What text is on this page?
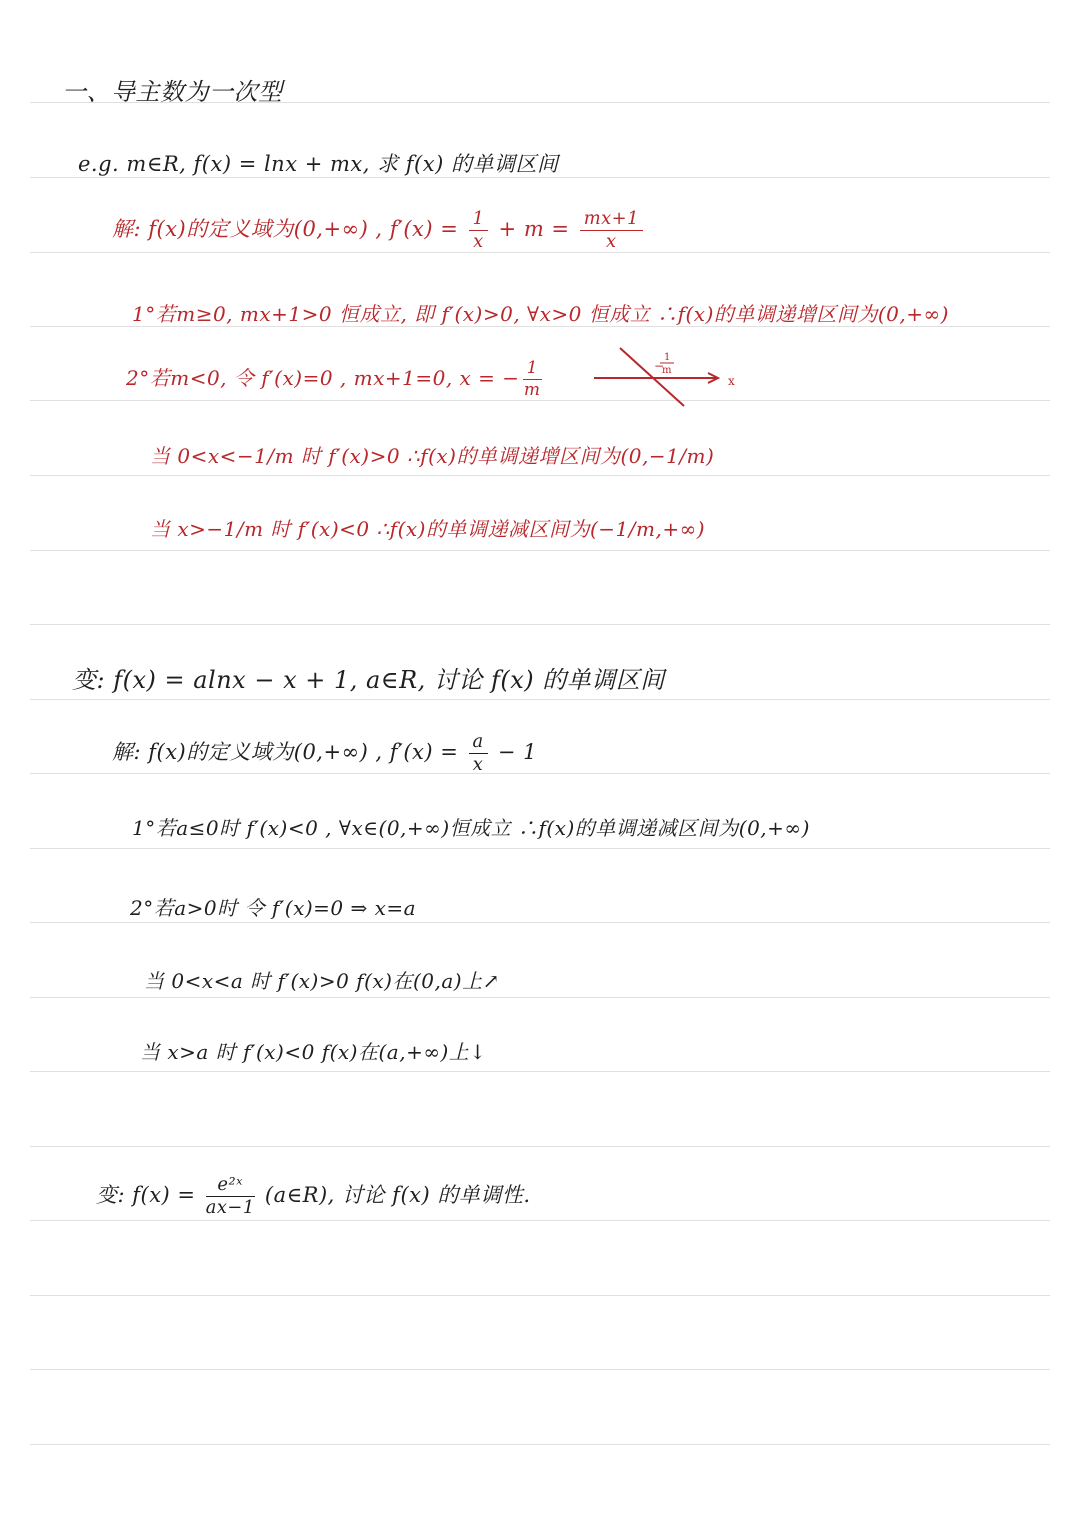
一、导主数为一次型
e.g. m∈R, f(x) = lnx + mx, 求 f(x) 的单调区间
解: f(x)的定义域为(0,+∞) , $f'(x) = \frac{1}{x} + m = \frac{mx+1}{x}$
1°若m≥0, mx+1>0 恒成立, 即 f′(x)>0, ∀x>0 恒成立 ∴f(x)的单调递增区间为(0,+∞)
2°若m<0, 令 f′(x)=0 , mx+1=0, x = − $\frac{1}{m}$	−
1
m
x
当 0<x<−1/m 时 f′(x)>0 ∴f(x)的单调递增区间为(0,−1/m)
当 x>−1/m 时 f′(x)<0 ∴f(x)的单调递减区间为(−1/m,+∞)
变: f(x) = alnx − x + 1, a∈R, 讨论 f(x) 的单调区间
解: f(x)的定义域为(0,+∞) , $f'(x) = \frac{a}{x} - 1$
1°若a≤0时 f′(x)<0 , ∀x∈(0,+∞)恒成立 ∴f(x)的单调递减区间为(0,+∞)
2°若a>0时 令 f′(x)=0 ⇒ x=a
当 0<x<a 时 f′(x)>0 f(x)在(0,a)上↗
当 x>a 时 f′(x)<0 f(x)在(a,+∞)上↓
变: $f(x) = \frac{\text{e²ˣ}}{ax-1}$ (a∈R), 讨论 f(x) 的单调性.
